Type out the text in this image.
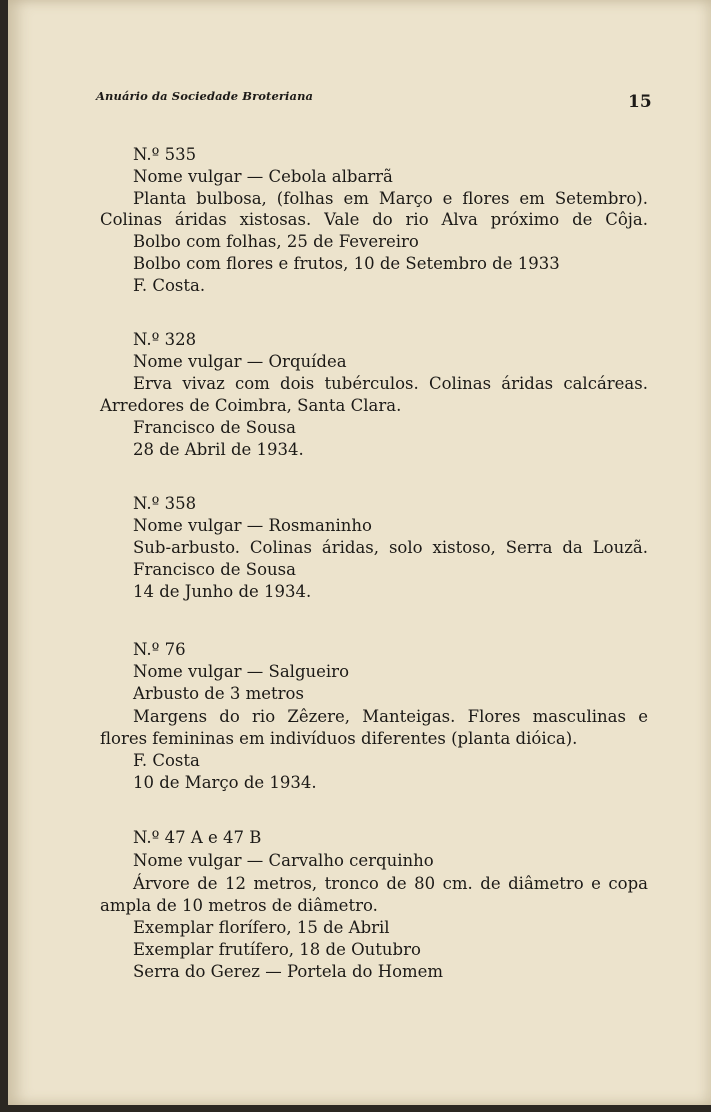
Anuário da Sociedade Broteriana	15
N.º 535
Nome vulgar — Cebola albarrã
Planta bulbosa, (folhas em Março e flores em Setembro).
Colinas áridas xistosas. Vale do rio Alva próximo de Côja.
Bolbo com folhas, 25 de Fevereiro
Bolbo com flores e frutos, 10 de Setembro de 1933
F. Costa.
N.º 328
Nome vulgar — Orquídea
Erva vivaz com dois tubérculos. Colinas áridas calcáreas.
Arredores de Coimbra, Santa Clara.
Francisco de Sousa
28 de Abril de 1934.
N.º 358
Nome vulgar — Rosmaninho
Sub-arbusto. Colinas áridas, solo xistoso, Serra da Louzã.
Francisco de Sousa
14 de Junho de 1934.
N.º 76
Nome vulgar — Salgueiro
Arbusto de 3 metros
Margens do rio Zêzere, Manteigas. Flores masculinas e
flores femininas em indivíduos diferentes (planta dióica).
F. Costa
10 de Março de 1934.
N.º 47 A e 47 B
Nome vulgar — Carvalho cerquinho
Árvore de 12 metros, tronco de 80 cm. de diâmetro e copa
ampla de 10 metros de diâmetro.
Exemplar florífero, 15 de Abril
Exemplar frutífero, 18 de Outubro
Serra do Gerez — Portela do Homem
